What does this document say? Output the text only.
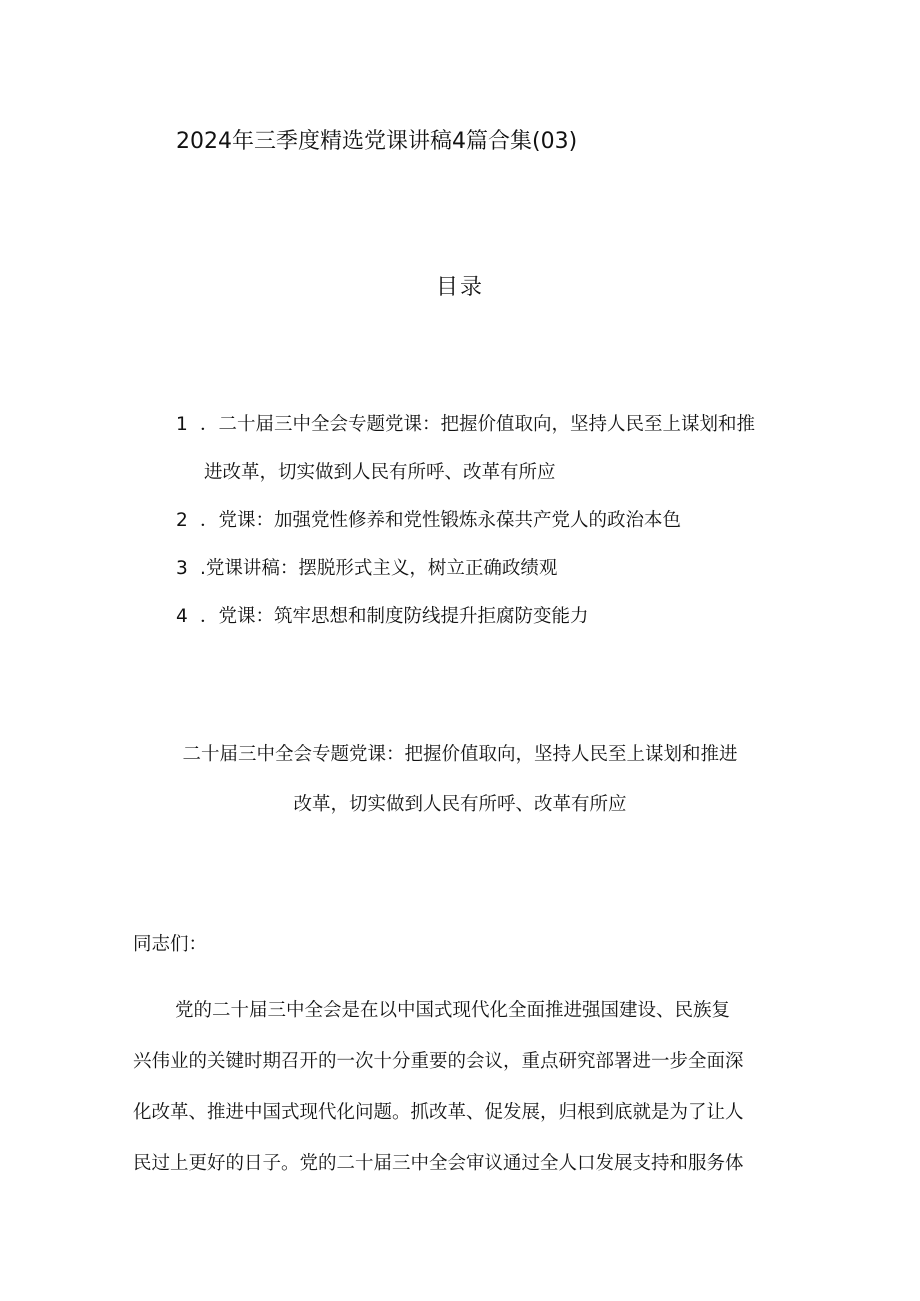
2024年三季度精选党课讲稿4篇合集(03)
目录
1 ．二十届三中全会专题党课：把握价值取向，坚持人民至上谋划和推
进改革，切实做到人民有所呼、改革有所应
2 ．党课：加强党性修养和党性锻炼永葆共产党人的政治本色
3 .党课讲稿：摆脱形式主义，树立正确政绩观
4 ．党课：筑牢思想和制度防线提升拒腐防变能力
二十届三中全会专题党课：把握价值取向，坚持人民至上谋划和推进
改革，切实做到人民有所呼、改革有所应
同志们：
党的二十届三中全会是在以中国式现代化全面推进强国建设、民族复
兴伟业的关键时期召开的一次十分重要的会议，重点研究部署进一步全面深
化改革、推进中国式现代化问题。抓改革、促发展，归根到底就是为了让人
民过上更好的日子。党的二十届三中全会审议通过全人口发展支持和服务体
